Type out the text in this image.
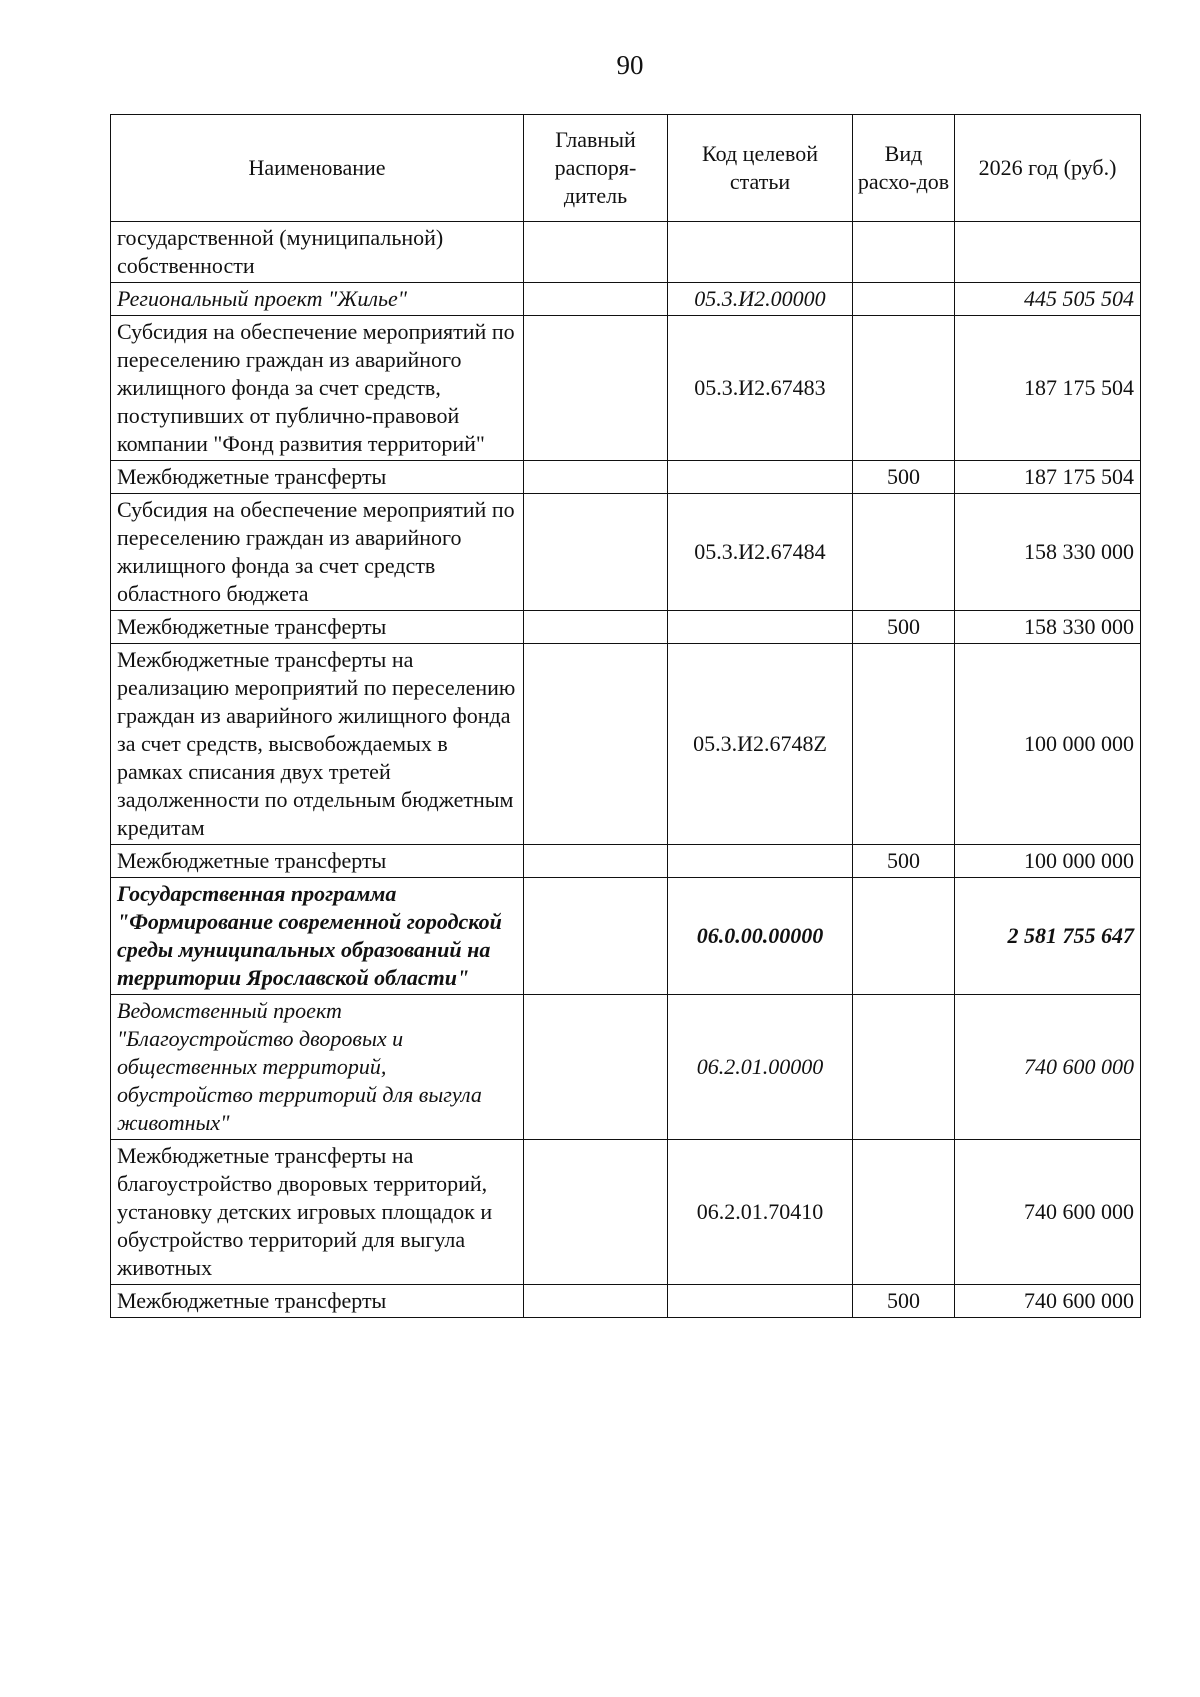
90
Наименование	Главный распоря-дитель	Код целевой статьи	Вид расхо-дов	2026 год (руб.)
государственной (муниципальной) собственности				
Региональный проект "Жилье"		05.3.И2.00000		445 505 504
Субсидия на обеспечение мероприятий по переселению граждан из аварийного жилищного фонда за счет средств, поступивших от публично-правовой компании "Фонд развития территорий"		05.3.И2.67483		187 175 504
Межбюджетные трансферты			500	187 175 504
Субсидия на обеспечение мероприятий по переселению граждан из аварийного жилищного фонда за счет средств областного бюджета		05.3.И2.67484		158 330 000
Межбюджетные трансферты			500	158 330 000
Межбюджетные трансферты на реализацию мероприятий по переселению граждан из аварийного жилищного фонда за счет средств, высвобождаемых в рамках списания двух третей задолженности по отдельным бюджетным кредитам		05.3.И2.6748Z		100 000 000
Межбюджетные трансферты			500	100 000 000
Государственная программа "Формирование современной городской среды муниципальных образований на территории Ярославской области"		06.0.00.00000		2 581 755 647
Ведомственный проект "Благоустройство дворовых и общественных территорий, обустройство территорий для выгула животных"		06.2.01.00000		740 600 000
Межбюджетные трансферты на благоустройство дворовых территорий, установку детских игровых площадок и обустройство территорий для выгула животных		06.2.01.70410		740 600 000
Межбюджетные трансферты			500	740 600 000
